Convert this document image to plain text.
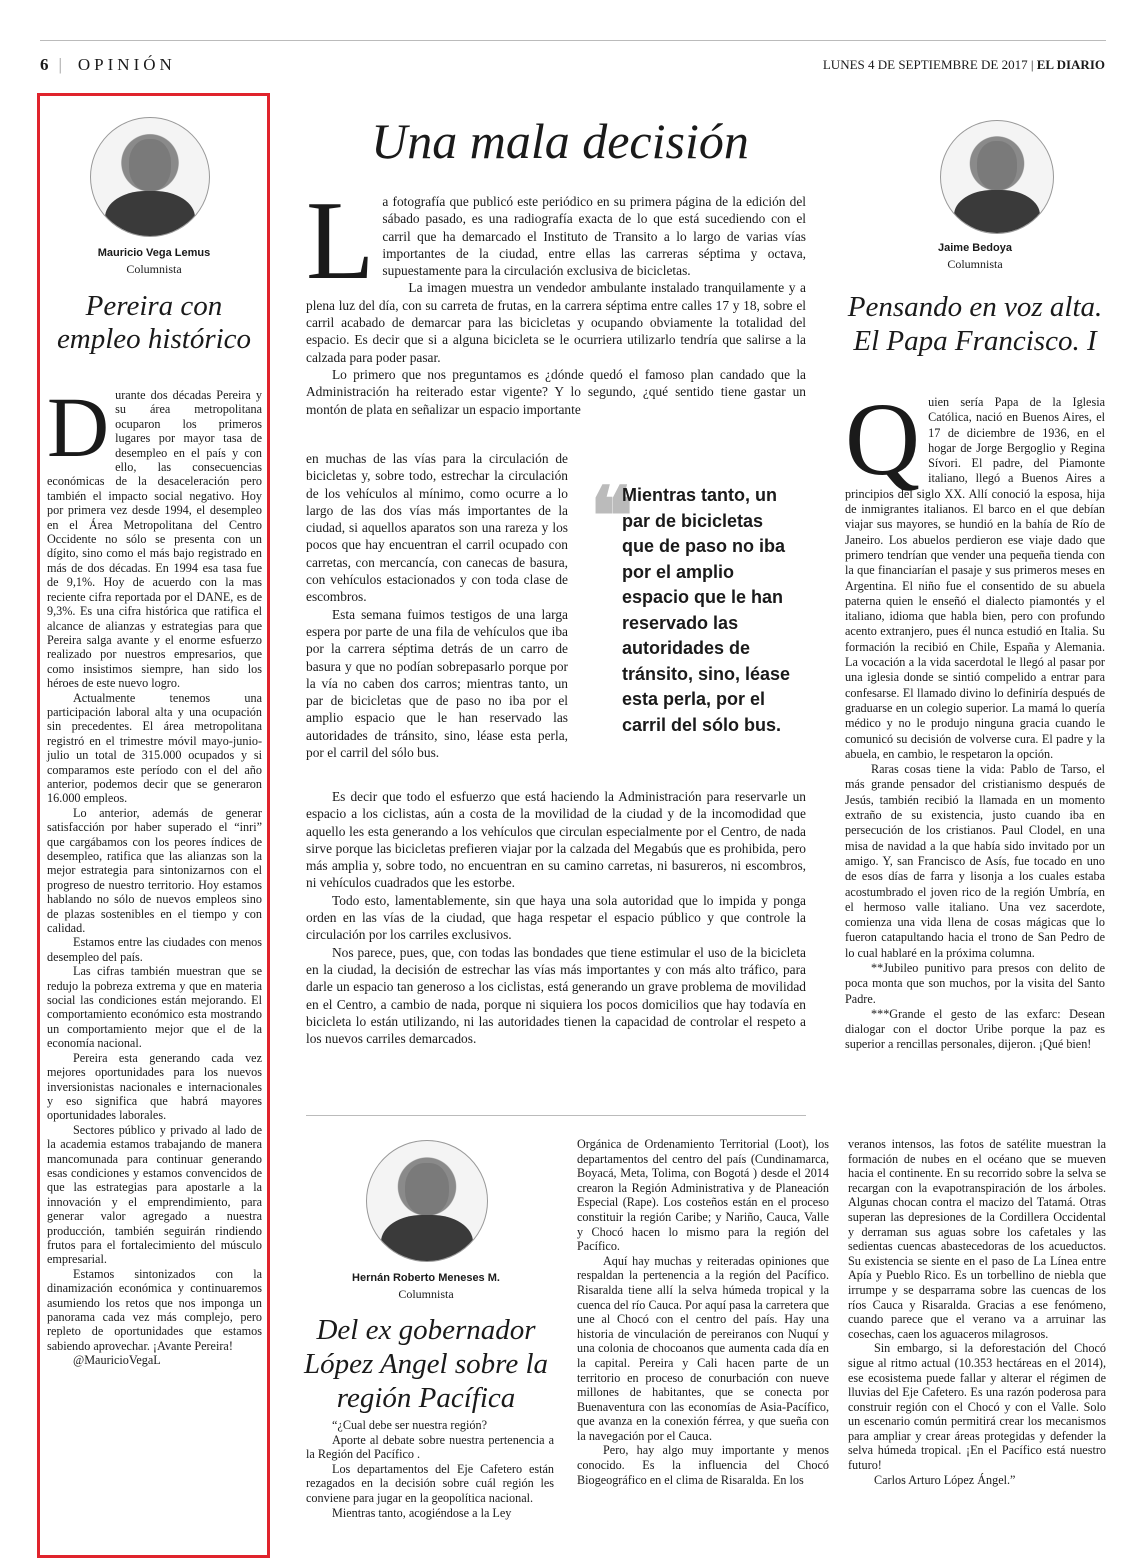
6 | OPINIÓN	LUNES 4 DE SEPTIEMBRE DE 2017 | EL DIARIO
Mauricio Vega Lemus
Columnista
Pereira con empleo histórico

Durante dos décadas Pereira y su área metropolitana ocuparon los primeros lugares por mayor tasa de desempleo en el país y con ello, las consecuencias económicas de la desaceleración pero también el impacto social negativo. Hoy por primera vez desde 1994, el desempleo en el Área Metropolitana del Centro Occidente no sólo se presenta con un dígito, sino como el más bajo registrado en más de dos décadas. En 1994 esa tasa fue de 9,1%. Hoy de acuerdo con la mas reciente cifra reportada por el DANE, es de 9,3%. Es una cifra histórica que ratifica el alcance de alianzas y estrategias para que Pereira salga avante y el enorme esfuerzo realizado por nuestros empresarios, que como insistimos siempre, han sido los héroes de este nuevo logro.

Actualmente tenemos una participación laboral alta y una ocupación sin precedentes. El área metropolitana registró en el trimestre móvil mayo-junio-julio un total de 315.000 ocupados y si comparamos este período con el del año anterior, podemos decir que se generaron 16.000 empleos.

Lo anterior, además de generar satisfacción por haber superado el “inri” que cargábamos con los peores índices de desempleo, ratifica que las alianzas son la mejor estrategia para sintonizarnos con el progreso de nuestro territorio. Hoy estamos hablando no sólo de nuevos empleos sino de plazas sostenibles en el tiempo y con calidad.

Estamos entre las ciudades con menos desempleo del país.

Las cifras también muestran que se redujo la pobreza extrema y que en materia social las condiciones están mejorando. El comportamiento económico esta mostrando un comportamiento mejor que el de la economía nacional.

Pereira esta generando cada vez mejores oportunidades para los nuevos inversionistas nacionales e internacionales y eso significa que habrá mayores oportunidades laborales.

Sectores público y privado al lado de la academia estamos trabajando de manera mancomunada para continuar generando esas condiciones y estamos convencidos de que las estrategias para apostarle a la innovación y el emprendimiento, para generar valor agregado a nuestra producción, también seguirán rindiendo frutos para el fortalecimiento del músculo empresarial.

Estamos sintonizados con la dinamización económica y continuaremos asumiendo los retos que nos imponga un panorama cada vez más complejo, pero repleto de oportunidades que estamos sabiendo aprovechar. ¡Avante Pereira!

@MauricioVegaL

Una mala decisión

La fotografía que publicó este periódico en su primera página de la edición del sábado pasado, es una radiografía exacta de lo que está sucediendo con el carril que ha demarcado el Instituto de Transito a lo largo de varias vías importantes de la ciudad, entre ellas las carreras séptima y octava, supuestamente para la circulación exclusiva de bicicletas.

La imagen muestra un vendedor ambulante instalado tranquilamente y a plena luz del día, con su carreta de frutas, en la carrera séptima entre calles 17 y 18, sobre el carril acabado de demarcar para las bicicletas y ocupando obviamente la totalidad del espacio. Es decir que si a alguna bicicleta se le ocurriera utilizarlo tendría que salirse a la calzada para poder pasar.

Lo primero que nos preguntamos es ¿dónde quedó el famoso plan candado que la Administración ha reiterado estar vigente? Y lo segundo, ¿qué sentido tiene gastar un montón de plata en señalizar un espacio importante

en muchas de las vías para la circulación de bicicletas y, sobre todo, estrechar la circulación de los vehículos al mínimo, como ocurre a lo largo de las dos vías más importantes de la ciudad, si aquellos aparatos son una rareza y los pocos que hay encuentran el carril ocupado con carretas, con mercancía, con canecas de basura, con vehículos estacionados y con toda clase de escombros.

Esta semana fuimos testigos de una larga espera por parte de una fila de vehículos que iba por la carrera séptima detrás de un carro de basura y que no podían sobrepasarlo porque por la vía no caben dos carros; mientras tanto, un par de bicicletas que de paso no iba por el amplio espacio que le han reservado las autoridades de tránsito, sino, léase esta perla, por el carril del sólo bus.

❝
Mientras tanto, un par de bicicletas que de paso no iba por el amplio espacio que le han reservado las autoridades de tránsito, sino, léase esta perla, por el carril del sólo bus.

Es decir que todo el esfuerzo que está haciendo la Administración para reservarle un espacio a los ciclistas, aún a costa de la movilidad de la ciudad y de la incomodidad que aquello les esta generando a los vehículos que circulan especialmente por el Centro, de nada sirve porque las bicicletas prefieren viajar por la calzada del Megabús que es prohibida, pero más amplia y, sobre todo, no encuentran en su camino carretas, ni basureros, ni escombros, ni vehículos cuadrados que les estorbe.

Todo esto, lamentablemente, sin que haya una sola autoridad que lo impida y ponga orden en las vías de la ciudad, que haga respetar el espacio público y que controle la circulación por los carriles exclusivos.

Nos parece, pues, que, con todas las bondades que tiene estimular el uso de la bicicleta en la ciudad, la decisión de estrechar las vías más importantes y con más alto tráfico, para darle un espacio tan generoso a los ciclistas, está generando un grave problema de movilidad en el Centro, a cambio de nada, porque ni siquiera los pocos domicilios que hay todavía en bicicleta lo están utilizando, ni las autoridades tienen la capacidad de controlar el respeto a los nuevos carriles demarcados.

Jaime Bedoya
Columnista
Pensando en voz alta. El Papa Francisco. I

Quien sería Papa de la Iglesia Católica, nació en Buenos Aires, el 17 de diciembre de 1936, en el hogar de Jorge Bergoglio y Regina Sívori. El padre, del Piamonte italiano, llegó a Buenos Aires a principios del siglo XX. Allí conoció la esposa, hija de inmigrantes italianos. El barco en el que debían viajar sus mayores, se hundió en la bahía de Río de Janeiro. Los abuelos perdieron ese viaje dado que primero tendrían que vender una pequeña tienda con la que financiarían el pasaje y sus primeros meses en Argentina. El niño fue el consentido de su abuela paterna quien le enseñó el dialecto piamontés y el italiano, idioma que habla bien, pero con profundo acento extranjero, pues él nunca estudió en Italia. Su formación la recibió en Chile, España y Alemania. La vocación a la vida sacerdotal le llegó al pasar por una iglesia donde se sintió compelido a entrar para confesarse. El llamado divino lo definiría después de graduarse en un colegio superior. La mamá lo quería médico y no le produjo ninguna gracia cuando le comunicó su decisión de volverse cura. El padre y la abuela, en cambio, le respetaron la opción.

Raras cosas tiene la vida: Pablo de Tarso, el más grande pensador del cristianismo después de Jesús, también recibió la llamada en un momento extraño de su existencia, justo cuando iba en persecución de los cristianos. Paul Clodel, en una misa de navidad a la que había sido invitado por un amigo. Y, san Francisco de Asís, fue tocado en uno de esos días de farra y lisonja a los cuales estaba acostumbrado el joven rico de la región Umbría, en el hermoso valle italiano. Una vez sacerdote, comienza una vida llena de cosas mágicas que lo fueron catapultando hacia el trono de San Pedro de lo cual hablaré en la próxima columna.

**Jubileo punitivo para presos con delito de poca monta que son muchos, por la visita del Santo Padre.

***Grande el gesto de las exfarc: Desean dialogar con el doctor Uribe porque la paz es superior a rencillas personales, dijeron. ¡Qué bien!

Hernán Roberto Meneses M.
Columnista
Del ex gobernador López Angel sobre la región Pacífica

“¿Cual debe ser nuestra región?

Aporte al debate sobre nuestra pertenencia a la Región del Pacífico .

Los departamentos del Eje Cafetero están rezagados en la decisión sobre cuál región les conviene para jugar en la geopolítica nacional.

Mientras tanto, acogiéndose a la Ley

Orgánica de Ordenamiento Territorial (Loot), los departamentos del centro del país (Cundinamarca, Boyacá, Meta, Tolima, con Bogotá ) desde el 2014 crearon la Región Administrativa y de Planeación Especial (Rape). Los costeños están en el proceso constituir la región Caribe; y Nariño, Cauca, Valle y Chocó hacen lo mismo para la región del Pacífico.

Aquí hay muchas y reiteradas opiniones que respaldan la pertenencia a la región del Pacífico. Risaralda tiene allí la selva húmeda tropical y la cuenca del río Cauca. Por aquí pasa la carretera que une al Chocó con el centro del país. Hay una historia de vinculación de pereiranos con Nuquí y una colonia de chocoanos que aumenta cada día en la capital. Pereira y Cali hacen parte de un territorio en proceso de conurbación con nueve millones de habitantes, que se conecta por Buenaventura con las economías de Asia-Pacífico, que avanza en la conexión férrea, y que sueña con la navegación por el Cauca.

Pero, hay algo muy importante y menos conocido. Es la influencia del Chocó Biogeográfico en el clima de Risaralda. En los

veranos intensos, las fotos de satélite muestran la formación de nubes en el océano que se mueven hacia el continente. En su recorrido sobre la selva se recargan con la evapotranspiración de los árboles. Algunas chocan contra el macizo del Tatamá. Otras superan las depresiones de la Cordillera Occidental y derraman sus aguas sobre los cafetales y las sedientas cuencas abastecedoras de los acueductos. Su existencia se siente en el paso de La Línea entre Apía y Pueblo Rico. Es un torbellino de niebla que irrumpe y se desparrama sobre las cuencas de los ríos Cauca y Risaralda. Gracias a ese fenómeno, cuando parece que el verano va a arruinar las cosechas, caen los aguaceros milagrosos.

Sin embargo, si la deforestación del Chocó sigue al ritmo actual (10.353 hectáreas en el 2014), ese ecosistema puede fallar y alterar el régimen de lluvias del Eje Cafetero. Es una razón poderosa para construir región con el Chocó y con el Valle. Solo un escenario común permitirá crear los mecanismos para ampliar y crear áreas protegidas y defender la selva húmeda tropical. ¡En el Pacífico está nuestro futuro!

Carlos Arturo López Ángel.”
